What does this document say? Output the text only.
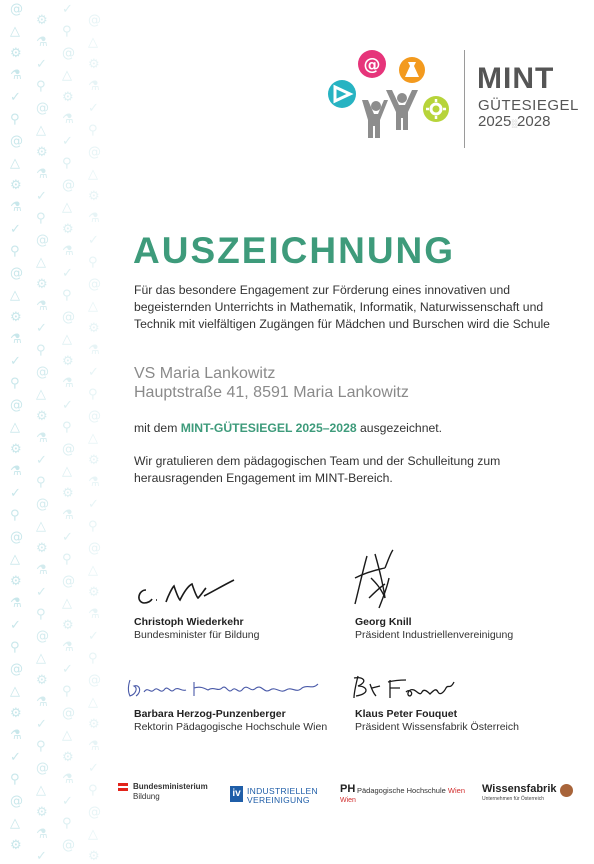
@
⚙
✓
@
△
⚗
⚲
△
⚙
✓
@
⚙
⚗
⚲
△
⚗
✓
@
⚙
✓
⚲
△
⚗
⚲
@
⚙
✓
@
△
⚗
⚲
△
⚙
✓
@
⚙
⚗
⚲
△
⚗
✓
@
⚙
✓
⚲
△
⚗
⚲
@
⚙
✓
@
△
⚗
⚲
△
⚙
✓
@
⚙
⚗
⚲
△
⚗
✓
@
⚙
✓
⚲
△
⚗
⚲
@
⚙
✓
@
△
⚗
⚲
△
⚙
✓
@
⚙
⚗
⚲
△
⚗
✓
@
⚙
✓
⚲
△
⚗
⚲
@
⚙
✓
@
△
⚗
⚲
△
⚙
✓
@
⚙
⚗
⚲
△
⚗
✓
@
⚙
✓
⚲
△
⚗
⚲
@
⚙
✓
@
△
⚗
⚲
△
⚙
✓
@
⚙
⚗
⚲
△
⚗
✓
@
⚙
✓
⚲
△
⚗
⚲
@
⚙
✓
@
△
⚗
⚲
△
⚙
✓
@
⚙
@	MINT
GÜTESIEGEL
2025░2028
AUSZEICHNUNG

Für das besondere Engagement zur Förderung eines innovativen und begeisternden Unterrichts in Mathematik, Informatik, Naturwissenschaft und Technik mit vielfältigen Zugängen für Mädchen und Burschen wird die Schule

VS Maria Lankowitz
Hauptstraße 41, 8591 Maria Lankowitz
mit dem MINT-GÜTESIEGEL 2025–2028 ausgezeichnet.

Wir gratulieren dem pädagogischen Team und der Schulleitung zum herausragenden Engagement im MINT-Bereich.

Christoph Wiederkehr
Bundesminister für Bildung
Georg Knill
Präsident Industriellenvereinigung
Barbara Herzog-Punzenberger
Rektorin Pädagogische Hochschule Wien
Klaus Peter Fouquet
Präsident Wissensfabrik Österreich
Bundesministerium
Bildung	iv INDUSTRIELLEN
VEREINIGUNG
PH Pädagogische Hochschule Wien
Wien
Wissensfabrik
Unternehmen für Österreich
